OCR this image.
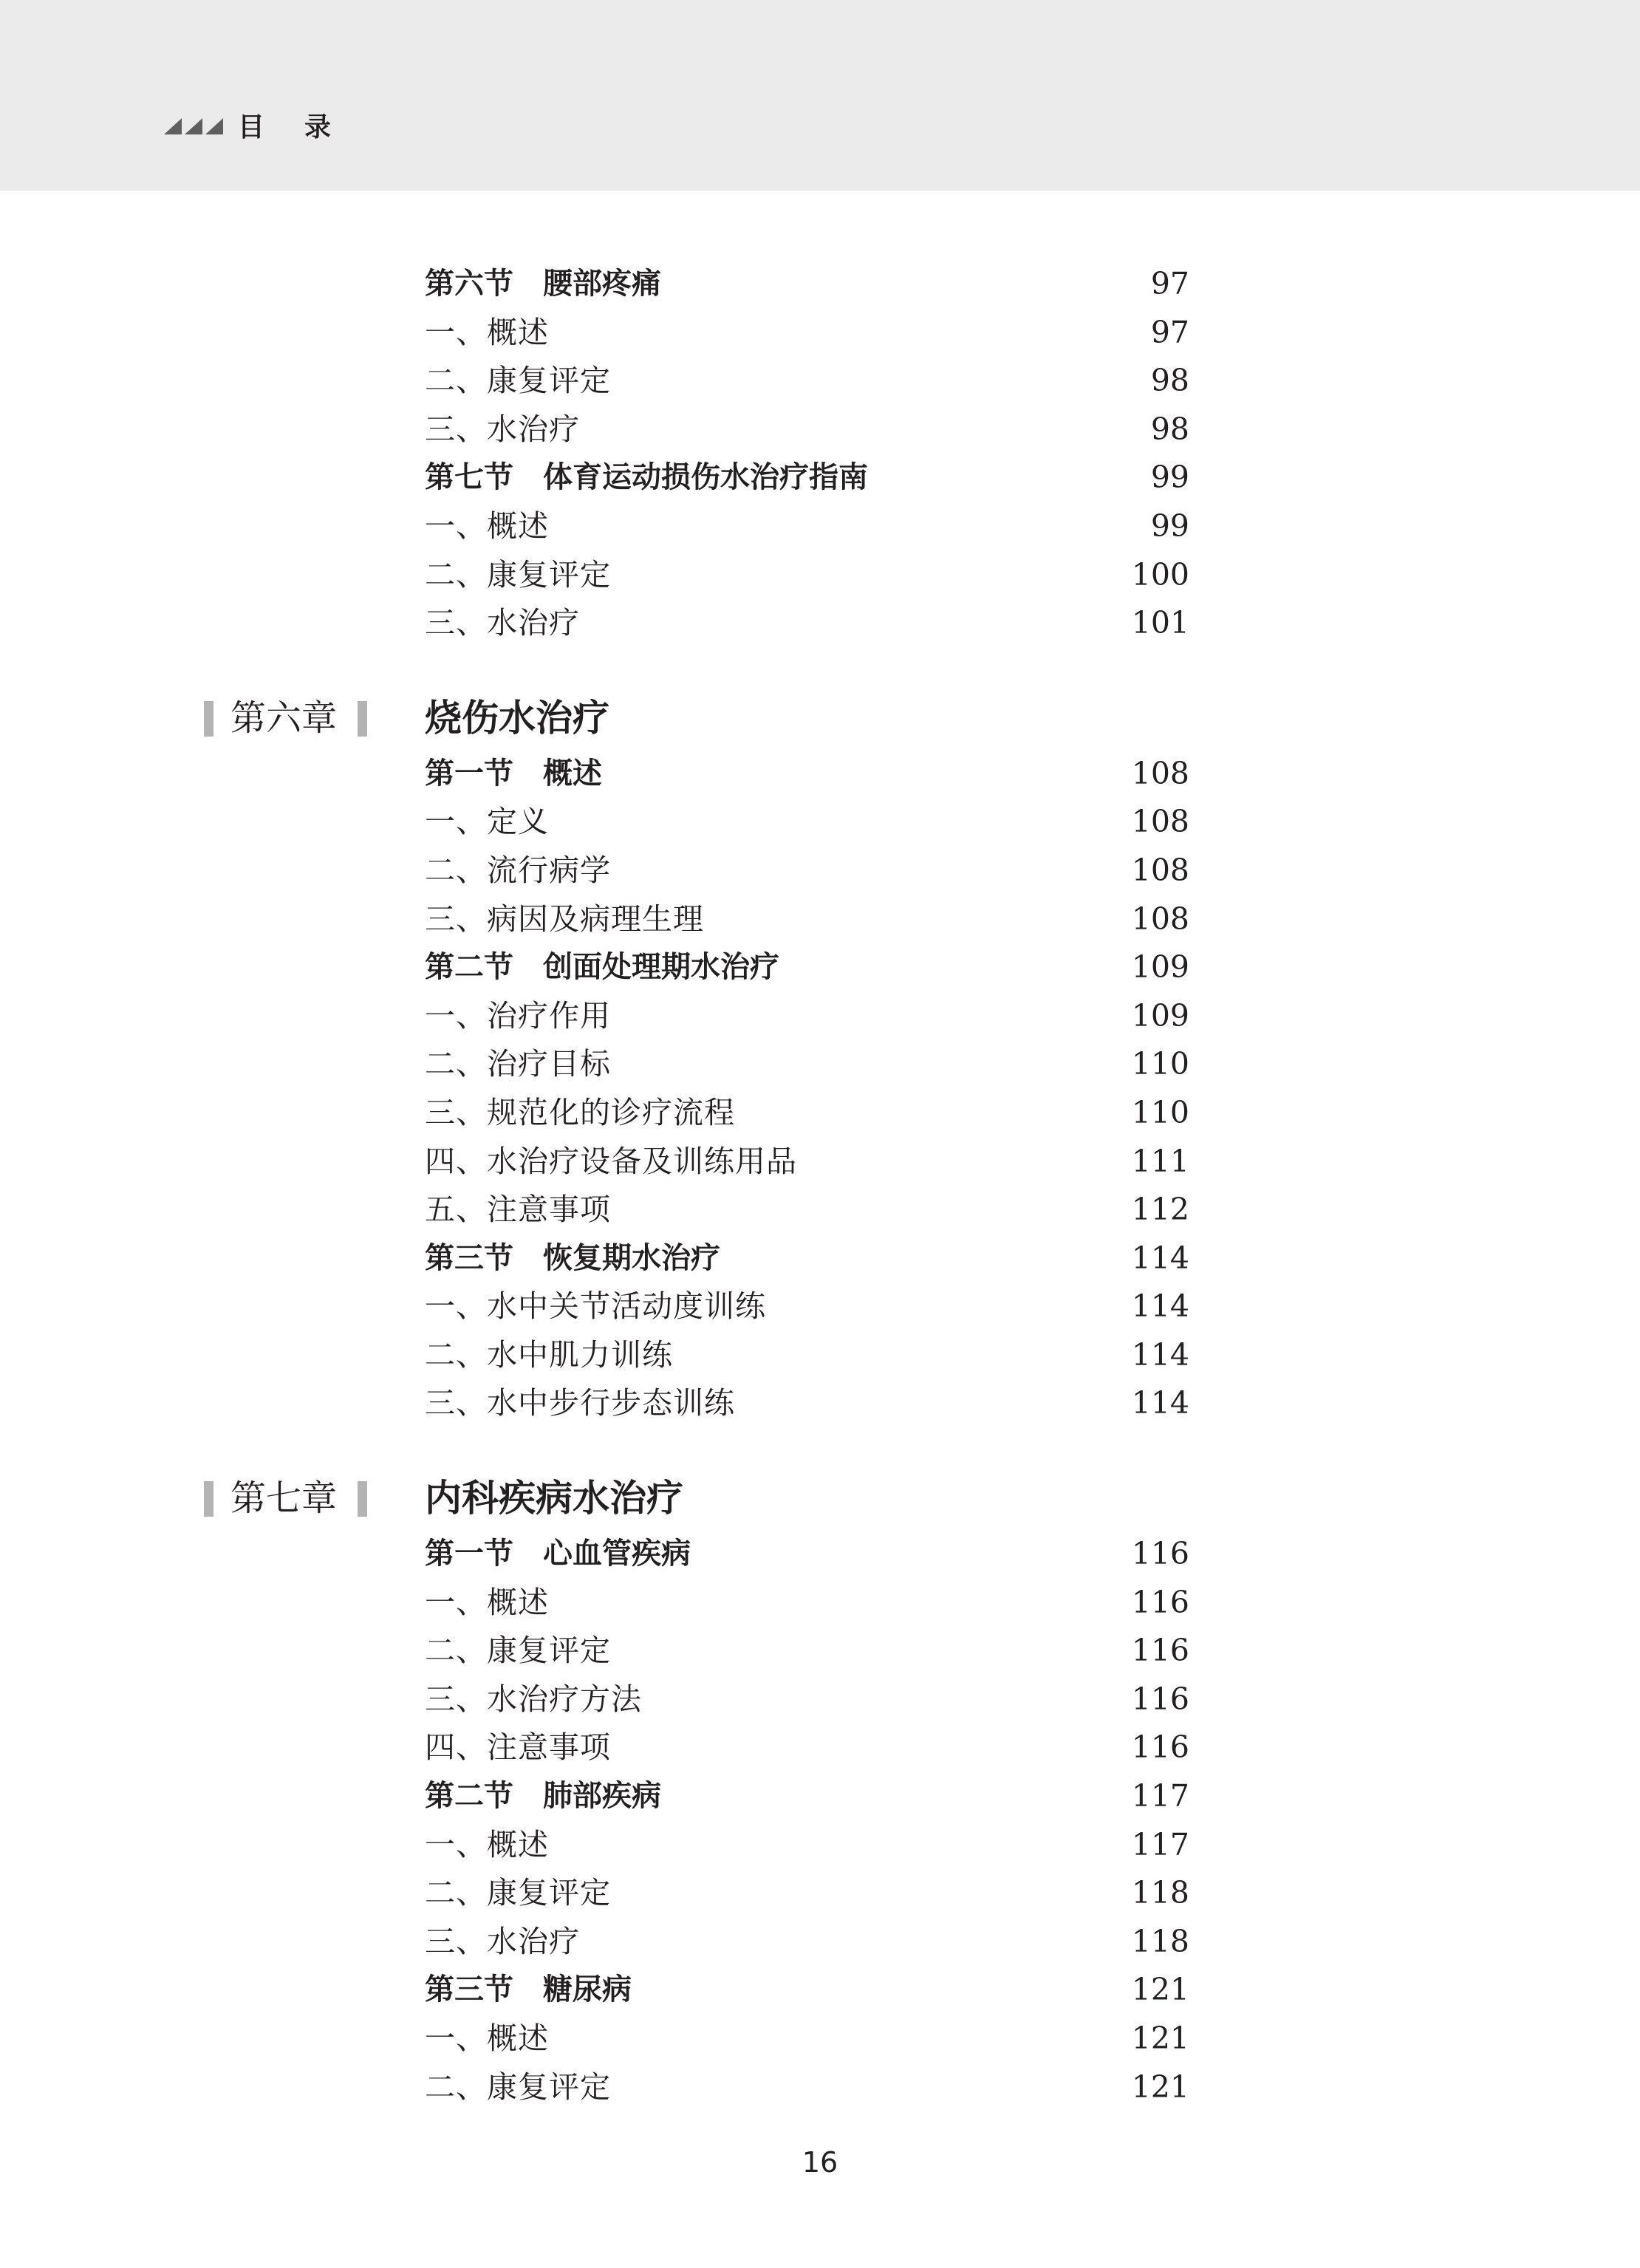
目录
第六节　腰部疼痛	97
一、概述	97
二、康复评定	98
三、水治疗	98
第七节　体育运动损伤水治疗指南	99
一、概述	99
二、康复评定	100
三、水治疗	101
第六章 烧伤水治疗
第一节　概述	108
一、定义	108
二、流行病学	108
三、病因及病理生理	108
第二节　创面处理期水治疗	109
一、治疗作用	109
二、治疗目标	110
三、规范化的诊疗流程	110
四、水治疗设备及训练用品	111
五、注意事项	112
第三节　恢复期水治疗	114
一、水中关节活动度训练	114
二、水中肌力训练	114
三、水中步行步态训练	114
第七章 内科疾病水治疗
第一节　心血管疾病	116
一、概述	116
二、康复评定	116
三、水治疗方法	116
四、注意事项	116
第二节　肺部疾病	117
一、概述	117
二、康复评定	118
三、水治疗	118
第三节　糖尿病	121
一、概述	121
二、康复评定	121
16
